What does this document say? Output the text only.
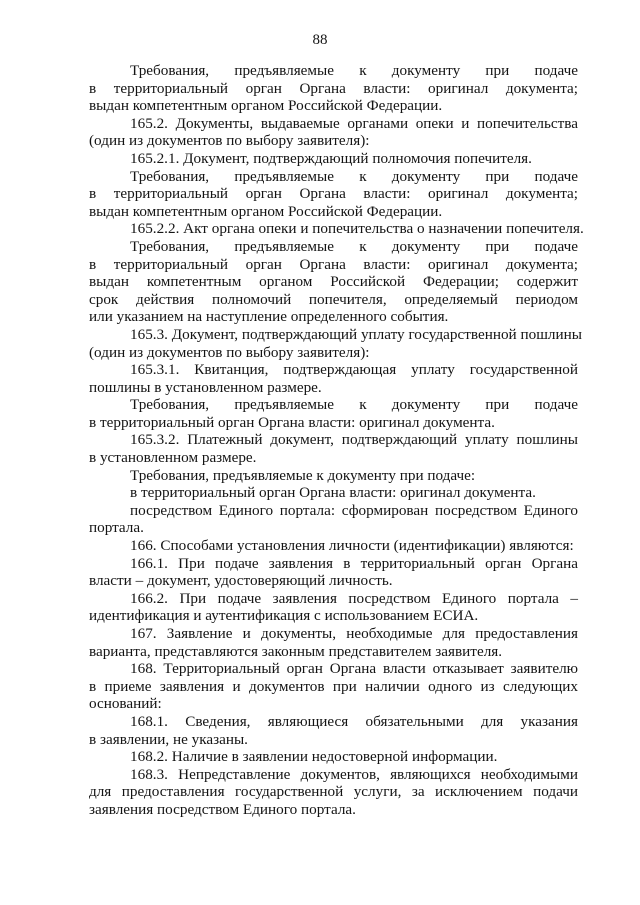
88
Требования, предъявляемые к документу при подаче
в территориальный орган Органа власти: оригинал документа;
выдан компетентным органом Российской Федерации.
165.2. Документы, выдаваемые органами опеки и попечительства
(один из документов по выбору заявителя):
165.2.1. Документ, подтверждающий полномочия попечителя.
Требования, предъявляемые к документу при подаче
в территориальный орган Органа власти: оригинал документа;
выдан компетентным органом Российской Федерации.
165.2.2. Акт органа опеки и попечительства о назначении попечителя.
Требования, предъявляемые к документу при подаче
в территориальный орган Органа власти: оригинал документа;
выдан компетентным органом Российской Федерации; содержит
срок действия полномочий попечителя, определяемый периодом
или указанием на наступление определенного события.
165.3. Документ, подтверждающий уплату государственной пошлины
(один из документов по выбору заявителя):
165.3.1. Квитанция, подтверждающая уплату государственной
пошлины в установленном размере.
Требования, предъявляемые к документу при подаче
в территориальный орган Органа власти: оригинал документа.
165.3.2. Платежный документ, подтверждающий уплату пошлины
в установленном размере.
Требования, предъявляемые к документу при подаче:
в территориальный орган Органа власти: оригинал документа.
посредством Единого портала: сформирован посредством Единого
портала.
166. Способами установления личности (идентификации) являются:
166.1. При подаче заявления в территориальный орган Органа
власти – документ, удостоверяющий личность.
166.2. При подаче заявления посредством Единого портала –
идентификация и аутентификация с использованием ЕСИА.
167. Заявление и документы, необходимые для предоставления
варианта, представляются законным представителем заявителя.
168. Территориальный орган Органа власти отказывает заявителю
в приеме заявления и документов при наличии одного из следующих
оснований:
168.1. Сведения, являющиеся обязательными для указания
в заявлении, не указаны.
168.2. Наличие в заявлении недостоверной информации.
168.3. Непредставление документов, являющихся необходимыми
для предоставления государственной услуги, за исключением подачи
заявления посредством Единого портала.
